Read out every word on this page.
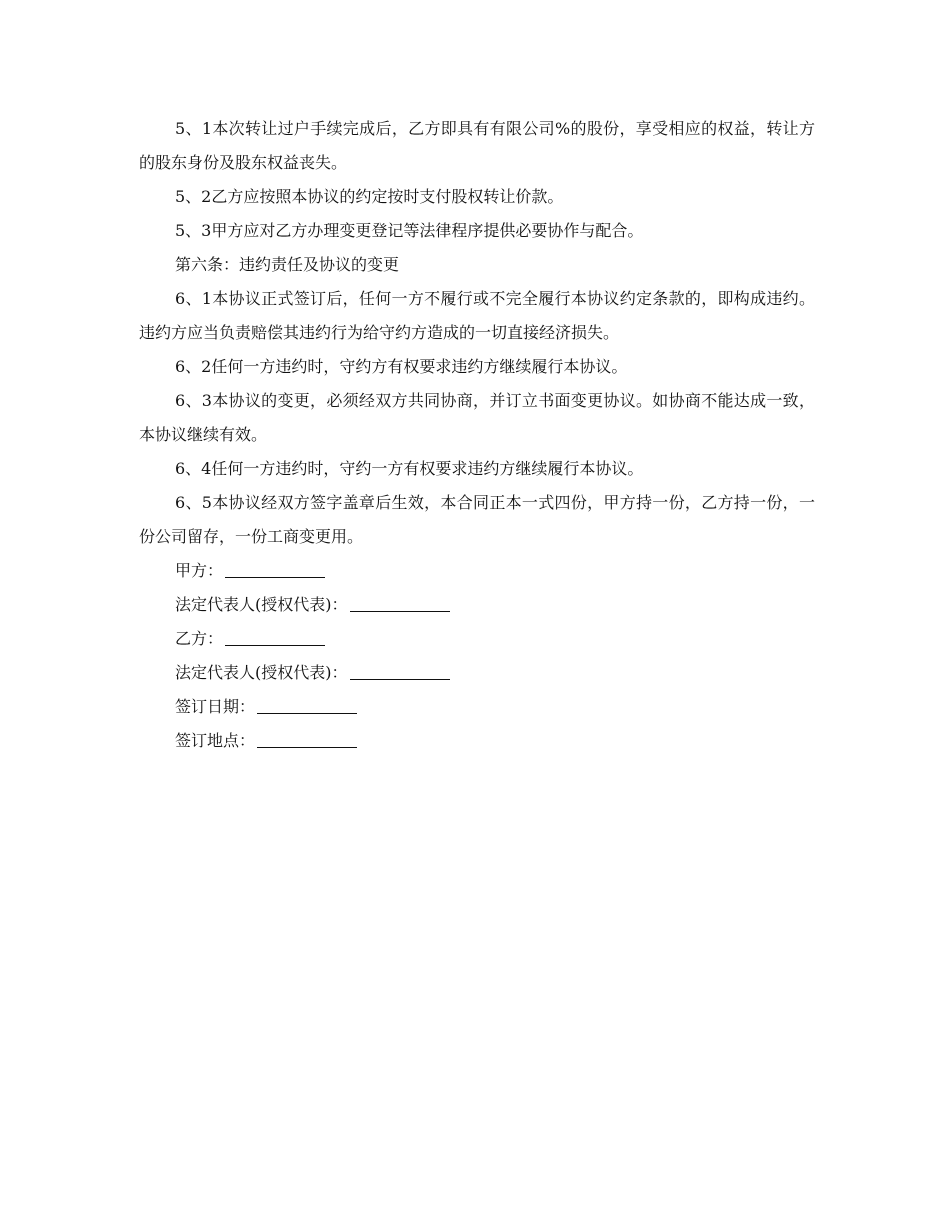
5、1本次转让过户手续完成后，乙方即具有有限公司%的股份，享受相应的权益，转让方的股东身份及股东权益丧失。

5、2乙方应按照本协议的约定按时支付股权转让价款。

5、3甲方应对乙方办理变更登记等法律程序提供必要协作与配合。

第六条：违约责任及协议的变更

6、1本协议正式签订后，任何一方不履行或不完全履行本协议约定条款的，即构成违约。违约方应当负责赔偿其违约行为给守约方造成的一切直接经济损失。

6、2任何一方违约时，守约方有权要求违约方继续履行本协议。

6、3本协议的变更，必须经双方共同协商，并订立书面变更协议。如协商不能达成一致，本协议继续有效。

6、4任何一方违约时，守约一方有权要求违约方继续履行本协议。

6、5本协议经双方签字盖章后生效，本合同正本一式四份，甲方持一份，乙方持一份，一份公司留存，一份工商变更用。

甲方：
法定代表人(授权代表)：
乙方：
法定代表人(授权代表)：
签订日期：
签订地点：
